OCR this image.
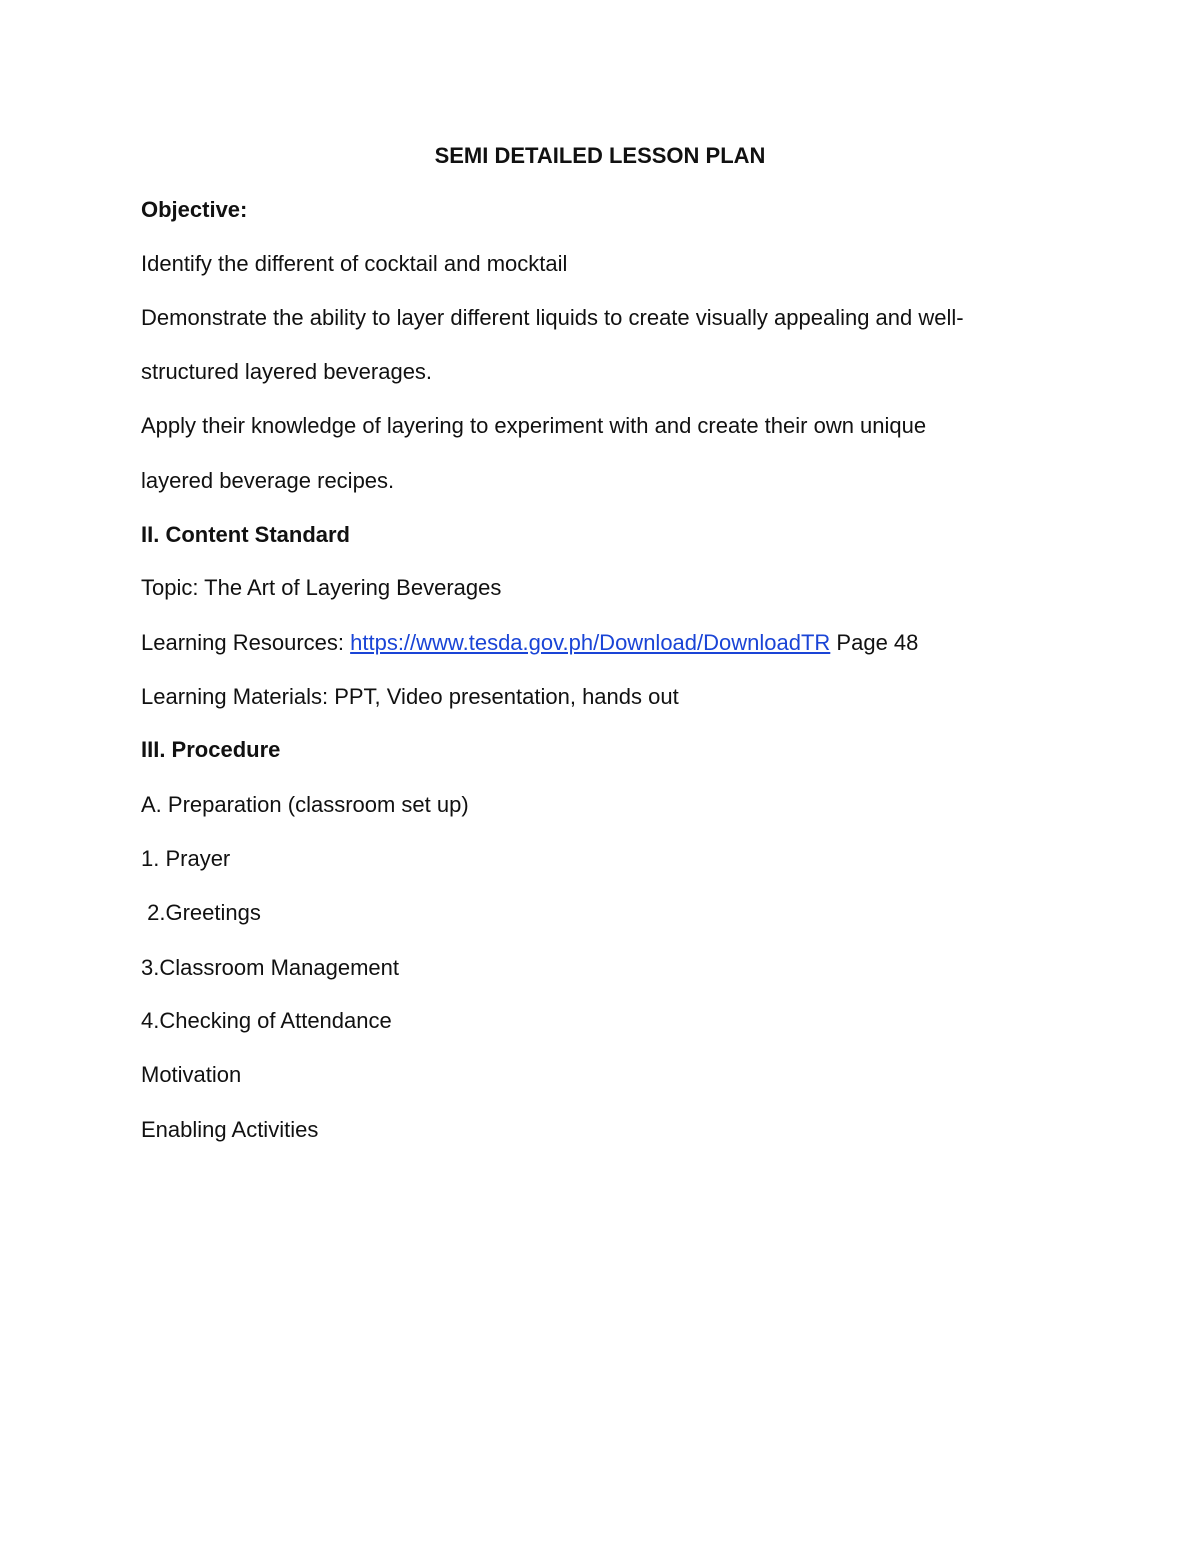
SEMI DETAILED LESSON PLAN
Objective:
Identify the different of cocktail and mocktail
Demonstrate the ability to layer different liquids to create visually appealing and well-
structured layered beverages.
Apply their knowledge of layering to experiment with and create their own unique
layered beverage recipes.
II. Content Standard
Topic: The Art of Layering Beverages
Learning Resources: https://www.tesda.gov.ph/Download/DownloadTR Page 48
Learning Materials: PPT, Video presentation, hands out
III. Procedure
A. Preparation (classroom set up)
1. Prayer
2.Greetings
3.Classroom Management
4.Checking of Attendance
Motivation
Enabling Activities
